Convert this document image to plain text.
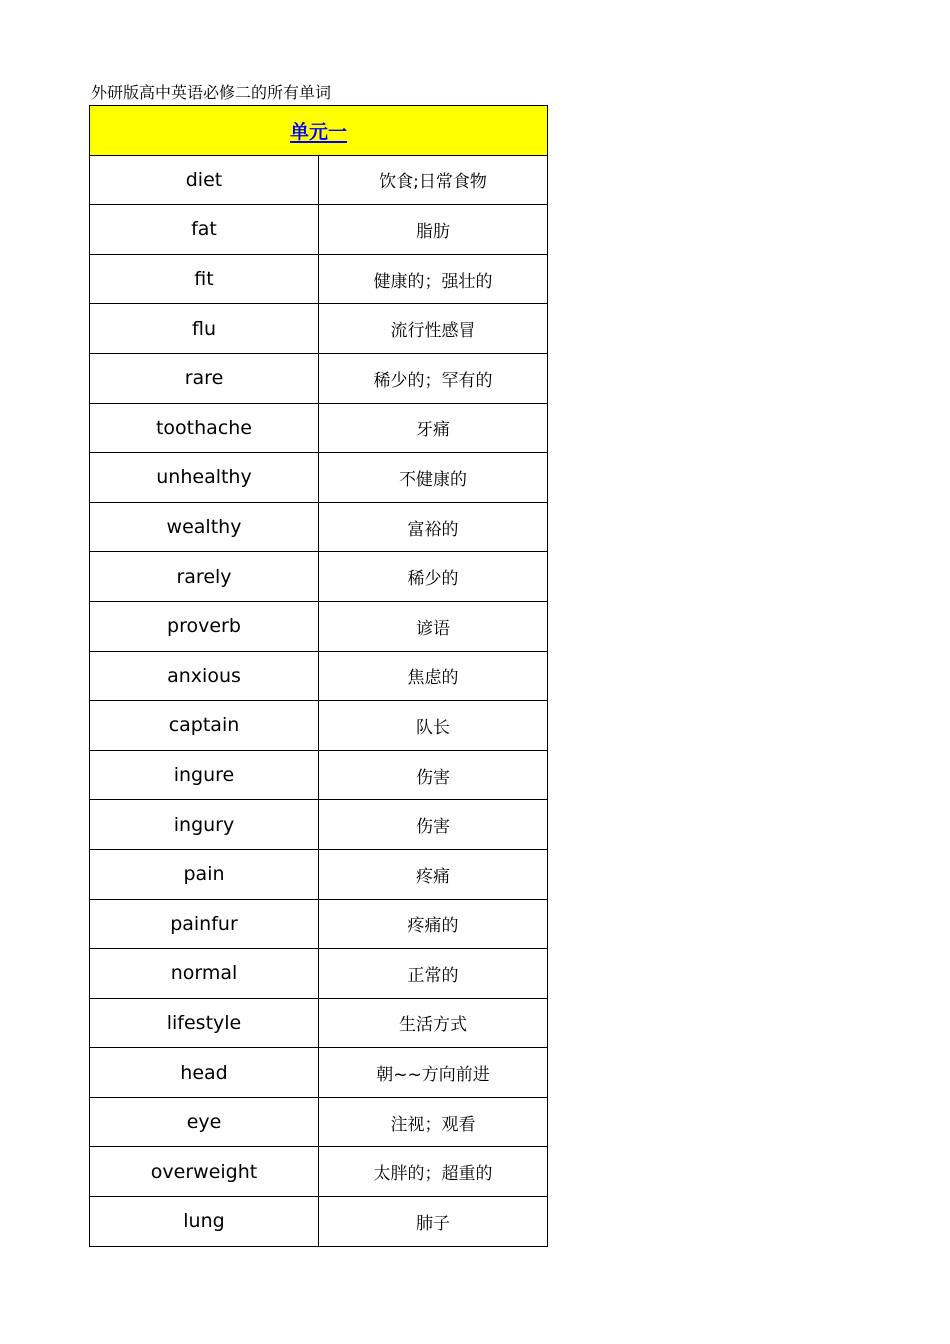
外研版高中英语必修二的所有单词
单元一	
diet	饮食;日常食物
fat	脂肪
fit	健康的；强壮的
flu	流行性感冒
rare	稀少的；罕有的
toothache	牙痛
unhealthy	不健康的
wealthy	富裕的
rarely	稀少的
proverb	谚语
anxious	焦虑的
captain	队长
ingure	伤害
ingury	伤害
pain	疼痛
painfur	疼痛的
normal	正常的
lifestyle	生活方式
head	朝~~方向前进
eye	注视；观看
overweight	太胖的；超重的
lung	肺子
